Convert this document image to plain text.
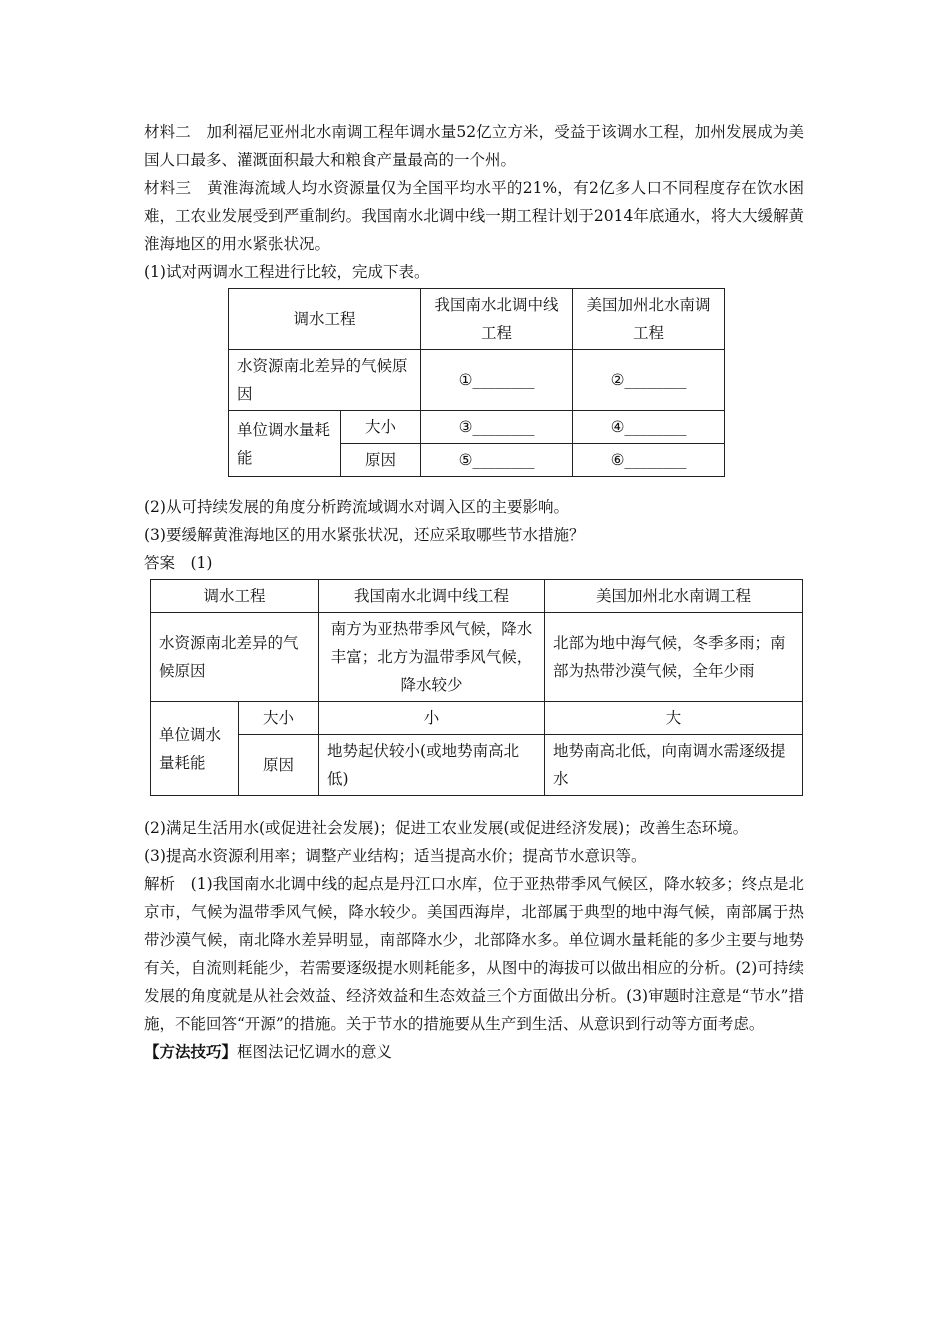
材料二　加利福尼亚州北水南调工程年调水量52亿立方米，受益于该调水工程，加州发展成为美国人口最多、灌溉面积最大和粮食产量最高的一个州。

材料三　黄淮海流域人均水资源量仅为全国平均水平的21%，有2亿多人口不同程度存在饮水困难，工农业发展受到严重制约。我国南水北调中线一期工程计划于2014年底通水，将大大缓解黄淮海地区的用水紧张状况。

(1)试对两调水工程进行比较，完成下表。

调水工程		我国南水北调中线工程	美国加州北水南调工程
水资源南北差异的气候原因		①________	②________
单位调水量耗能	大小	③________	④________
	原因	⑤________	⑥________

(2)从可持续发展的角度分析跨流域调水对调入区的主要影响。

(3)要缓解黄淮海地区的用水紧张状况，还应采取哪些节水措施？

答案　(1)

调水工程		我国南水北调中线工程	美国加州北水南调工程
水资源南北差异的气候原因		南方为亚热带季风气候，降水丰富；北方为温带季风气候，降水较少	北部为地中海气候，冬季多雨；南部为热带沙漠气候，全年少雨
单位调水量耗能	大小	小	大
	原因	地势起伏较小(或地势南高北低)	地势南高北低，向南调水需逐级提水

(2)满足生活用水(或促进社会发展)；促进工农业发展(或促进经济发展)；改善生态环境。

(3)提高水资源利用率；调整产业结构；适当提高水价；提高节水意识等。

解析　(1)我国南水北调中线的起点是丹江口水库，位于亚热带季风气候区，降水较多；终点是北京市，气候为温带季风气候，降水较少。美国西海岸，北部属于典型的地中海气候，南部属于热带沙漠气候，南北降水差异明显，南部降水少，北部降水多。单位调水量耗能的多少主要与地势有关，自流则耗能少，若需要逐级提水则耗能多，从图中的海拔可以做出相应的分析。(2)可持续发展的角度就是从社会效益、经济效益和生态效益三个方面做出分析。(3)审题时注意是“节水”措施，不能回答“开源”的措施。关于节水的措施要从生产到生活、从意识到行动等方面考虑。

【方法技巧】框图法记忆调水的意义
